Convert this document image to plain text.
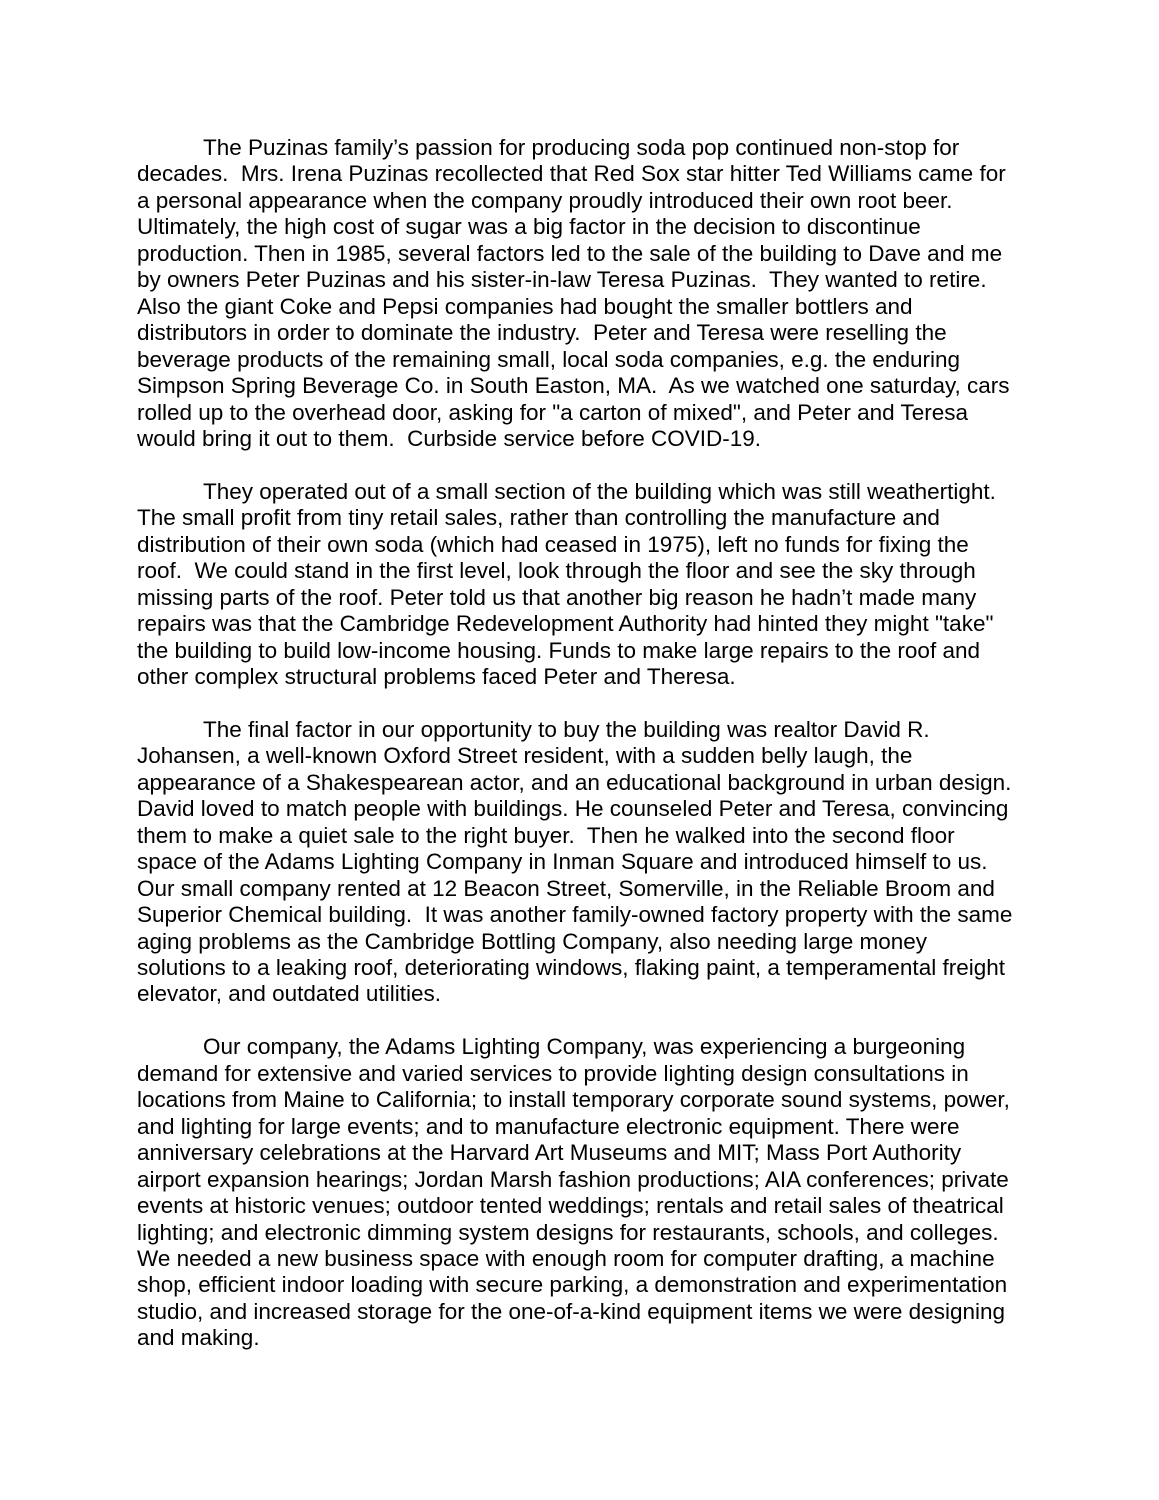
The Puzinas family’s passion for producing soda pop continued non-stop for
decades.  Mrs. Irena Puzinas recollected that Red Sox star hitter Ted Williams came for
a personal appearance when the company proudly introduced their own root beer.
Ultimately, the high cost of sugar was a big factor in the decision to discontinue
production. Then in 1985, several factors led to the sale of the building to Dave and me
by owners Peter Puzinas and his sister-in-law Teresa Puzinas.  They wanted to retire.
Also the giant Coke and Pepsi companies had bought the smaller bottlers and
distributors in order to dominate the industry.  Peter and Teresa were reselling the
beverage products of the remaining small, local soda companies, e.g. the enduring
Simpson Spring Beverage Co. in South Easton, MA.  As we watched one saturday, cars
rolled up to the overhead door, asking for "a carton of mixed", and Peter and Teresa
would bring it out to them.  Curbside service before COVID-19.

They operated out of a small section of the building which was still weathertight.
The small profit from tiny retail sales, rather than controlling the manufacture and
distribution of their own soda (which had ceased in 1975), left no funds for fixing the
roof.  We could stand in the first level, look through the floor and see the sky through
missing parts of the roof. Peter told us that another big reason he hadn’t made many
repairs was that the Cambridge Redevelopment Authority had hinted they might "take"
the building to build low-income housing. Funds to make large repairs to the roof and
other complex structural problems faced Peter and Theresa.

The final factor in our opportunity to buy the building was realtor David R.
Johansen, a well-known Oxford Street resident, with a sudden belly laugh, the
appearance of a Shakespearean actor, and an educational background in urban design.
David loved to match people with buildings. He counseled Peter and Teresa, convincing
them to make a quiet sale to the right buyer.  Then he walked into the second floor
space of the Adams Lighting Company in Inman Square and introduced himself to us.
Our small company rented at 12 Beacon Street, Somerville, in the Reliable Broom and
Superior Chemical building.  It was another family-owned factory property with the same
aging problems as the Cambridge Bottling Company, also needing large money
solutions to a leaking roof, deteriorating windows, flaking paint, a temperamental freight
elevator, and outdated utilities.

Our company, the Adams Lighting Company, was experiencing a burgeoning
demand for extensive and varied services to provide lighting design consultations in
locations from Maine to California; to install temporary corporate sound systems, power,
and lighting for large events; and to manufacture electronic equipment. There were
anniversary celebrations at the Harvard Art Museums and MIT; Mass Port Authority
airport expansion hearings; Jordan Marsh fashion productions; AIA conferences; private
events at historic venues; outdoor tented weddings; rentals and retail sales of theatrical
lighting; and electronic dimming system designs for restaurants, schools, and colleges.
We needed a new business space with enough room for computer drafting, a machine
shop, efficient indoor loading with secure parking, a demonstration and experimentation
studio, and increased storage for the one-of-a-kind equipment items we were designing
and making.
